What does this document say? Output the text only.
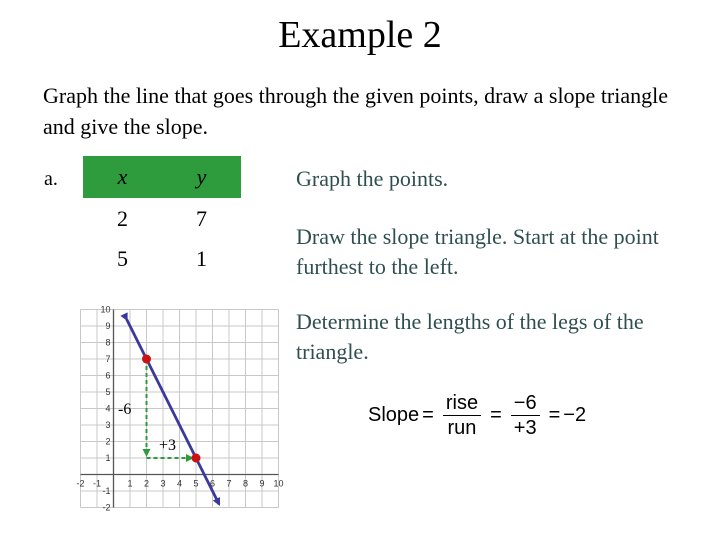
Example 2
Graph the line that goes through the given points, draw a slope triangle and give the slope.
a.	x	y
2	7
5	1
Graph the points.
Draw the slope triangle. Start at the point furthest to the left.
Determine the lengths of the legs of the triangle.
Slope = $\frac{\text{rise}}{\text{run}} = \frac{-6}{+3} = -2$
-2 -1	1 2 3 4 5 6 7 8 9 10
10
9
8
7
6
5
4
3
2
1
-1
-2
-6
+3
